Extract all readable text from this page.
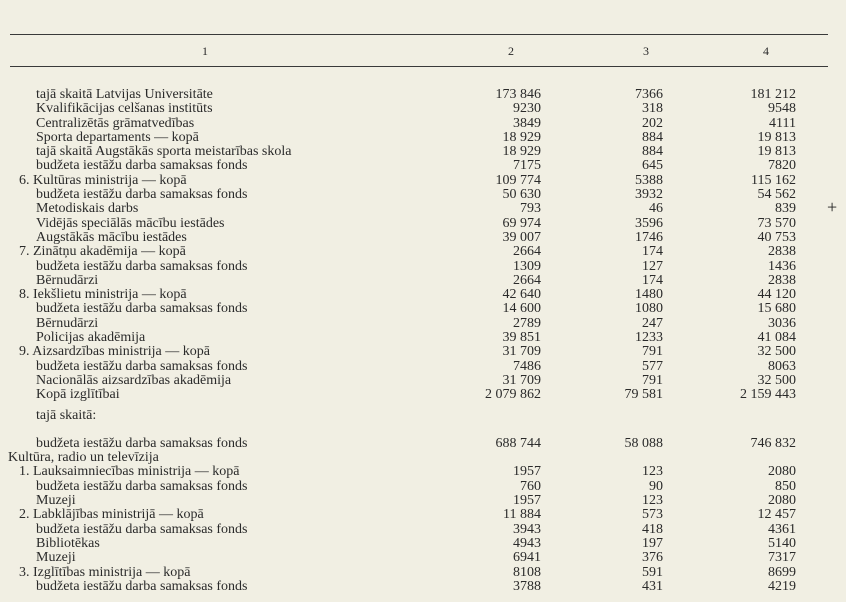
1	2	3	4
tajā skaitā Latvijas Universitāte	173 846	7366	181 212
Kvalifikācijas celšanas institūts	9230	318	9548
Centralizētās grāmatvedības	3849	202	4111
Sporta departaments — kopā	18 929	884	19 813
tajā skaitā Augstākās sporta meistarības skola	18 929	884	19 813
budžeta iestāžu darba samaksas fonds	7175	645	7820
6. Kultūras ministrija — kopā	109 774	5388	115 162
budžeta iestāžu darba samaksas fonds	50 630	3932	54 562
Metodiskais darbs	793	46	839
Vidējās speciālās mācību iestādes	69 974	3596	73 570
Augstākās mācību iestādes	39 007	1746	40 753
7. Zinātņu akadēmija — kopā	2664	174	2838
budžeta iestāžu darba samaksas fonds	1309	127	1436
Bērnudārzi	2664	174	2838
8. Iekšlietu ministrija — kopā	42 640	1480	44 120
budžeta iestāžu darba samaksas fonds	14 600	1080	15 680
Bērnudārzi	2789	247	3036
Policijas akadēmija	39 851	1233	41 084
9. Aizsardzības ministrija — kopā	31 709	791	32 500
budžeta iestāžu darba samaksas fonds	7486	577	8063
Nacionālās aizsardzības akadēmija	31 709	791	32 500
Kopā izglītībai	2 079 862	79 581	2 159 443
tajā skaitā:
budžeta iestāžu darba samaksas fonds	688 744	58 088	746 832
Kultūra, radio un televīzija
1. Lauksaimniecības ministrija — kopā	1957	123	2080
budžeta iestāžu darba samaksas fonds	760	90	850
Muzeji	1957	123	2080
2. Labklājības ministrijā — kopā	11 884	573	12 457
budžeta iestāžu darba samaksas fonds	3943	418	4361
Bibliotēkas	4943	197	5140
Muzeji	6941	376	7317
3. Izglītības ministrija — kopā	8108	591	8699
budžeta iestāžu darba samaksas fonds	3788	431	4219
+
